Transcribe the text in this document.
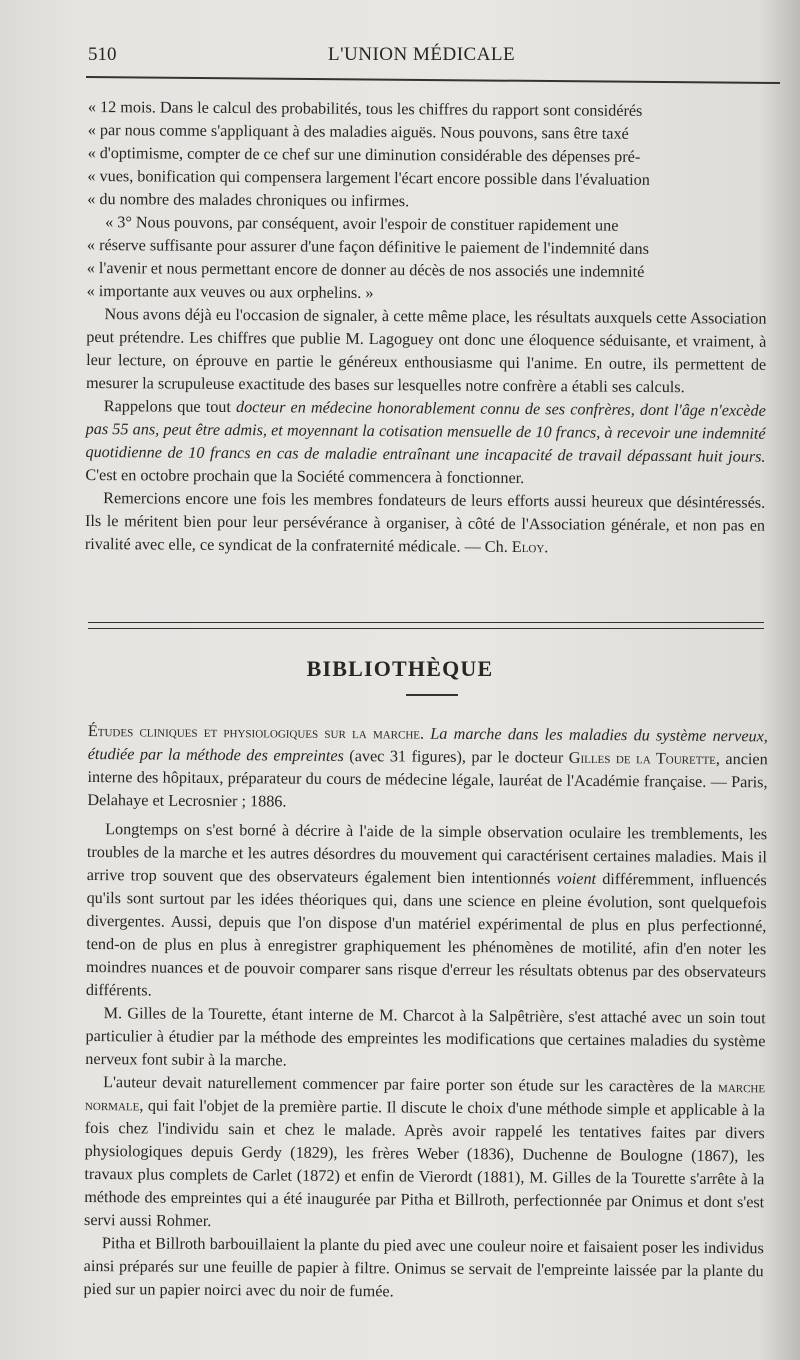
510	L'UNION MÉDICALE

« 12 mois. Dans le calcul des probabilités, tous les chiffres du rapport sont considérés

« par nous comme s'appliquant à des maladies aiguës. Nous pouvons, sans être taxé

« d'optimisme, compter de ce chef sur une diminution considérable des dépenses pré-

« vues, bonification qui compensera largement l'écart encore possible dans l'évaluation

« du nombre des malades chroniques ou infirmes.

« 3° Nous pouvons, par conséquent, avoir l'espoir de constituer rapidement une

« réserve suffisante pour assurer d'une façon définitive le paiement de l'indemnité dans

« l'avenir et nous permettant encore de donner au décès de nos associés une indemnité

« importante aux veuves ou aux orphelins. »

Nous avons déjà eu l'occasion de signaler, à cette même place, les résultats auxquels cette Association peut prétendre. Les chiffres que publie M. Lagoguey ont donc une éloquence séduisante, et vraiment, à leur lecture, on éprouve en partie le généreux enthousiasme qui l'anime. En outre, ils permettent de mesurer la scrupuleuse exactitude des bases sur lesquelles notre confrère a établi ses calculs.

Rappelons que tout docteur en médecine honorablement connu de ses confrères, dont l'âge n'excède pas 55 ans, peut être admis, et moyennant la cotisation mensuelle de 10 francs, à recevoir une indemnité quotidienne de 10 francs en cas de maladie entraînant une incapacité de travail dépassant huit jours. C'est en octobre prochain que la Société commencera à fonctionner.

Remercions encore une fois les membres fondateurs de leurs efforts aussi heureux que désintéressés. Ils le méritent bien pour leur persévérance à organiser, à côté de l'Association générale, et non pas en rivalité avec elle, ce syndicat de la confraternité médicale. — Ch. Eloy.

BIBLIOTHÈQUE

Études cliniques et physiologiques sur la marche. La marche dans les maladies du système nerveux, étudiée par la méthode des empreintes (avec 31 figures), par le docteur Gilles de la Tourette, ancien interne des hôpitaux, préparateur du cours de médecine légale, lauréat de l'Académie française. — Paris, Delahaye et Lecrosnier ; 1886.

Longtemps on s'est borné à décrire à l'aide de la simple observation oculaire les tremblements, les troubles de la marche et les autres désordres du mouvement qui caractérisent certaines maladies. Mais il arrive trop souvent que des observateurs également bien intentionnés voient différemment, influencés qu'ils sont surtout par les idées théoriques qui, dans une science en pleine évolution, sont quelquefois divergentes. Aussi, depuis que l'on dispose d'un matériel expérimental de plus en plus perfectionné, tend-on de plus en plus à enregistrer graphiquement les phénomènes de motilité, afin d'en noter les moindres nuances et de pouvoir comparer sans risque d'erreur les résultats obtenus par des observateurs différents.

M. Gilles de la Tourette, étant interne de M. Charcot à la Salpêtrière, s'est attaché avec un soin tout particulier à étudier par la méthode des empreintes les modifications que certaines maladies du système nerveux font subir à la marche.

L'auteur devait naturellement commencer par faire porter son étude sur les caractères de la marche normale, qui fait l'objet de la première partie. Il discute le choix d'une méthode simple et applicable à la fois chez l'individu sain et chez le malade. Après avoir rappelé les tentatives faites par divers physiologiques depuis Gerdy (1829), les frères Weber (1836), Duchenne de Boulogne (1867), les travaux plus complets de Carlet (1872) et enfin de Vierordt (1881), M. Gilles de la Tourette s'arrête à la méthode des empreintes qui a été inaugurée par Pitha et Billroth, perfectionnée par Onimus et dont s'est servi aussi Rohmer.

Pitha et Billroth barbouillaient la plante du pied avec une couleur noire et faisaient poser les individus ainsi préparés sur une feuille de papier à filtre. Onimus se servait de l'empreinte laissée par la plante du pied sur un papier noirci avec du noir de fumée.
